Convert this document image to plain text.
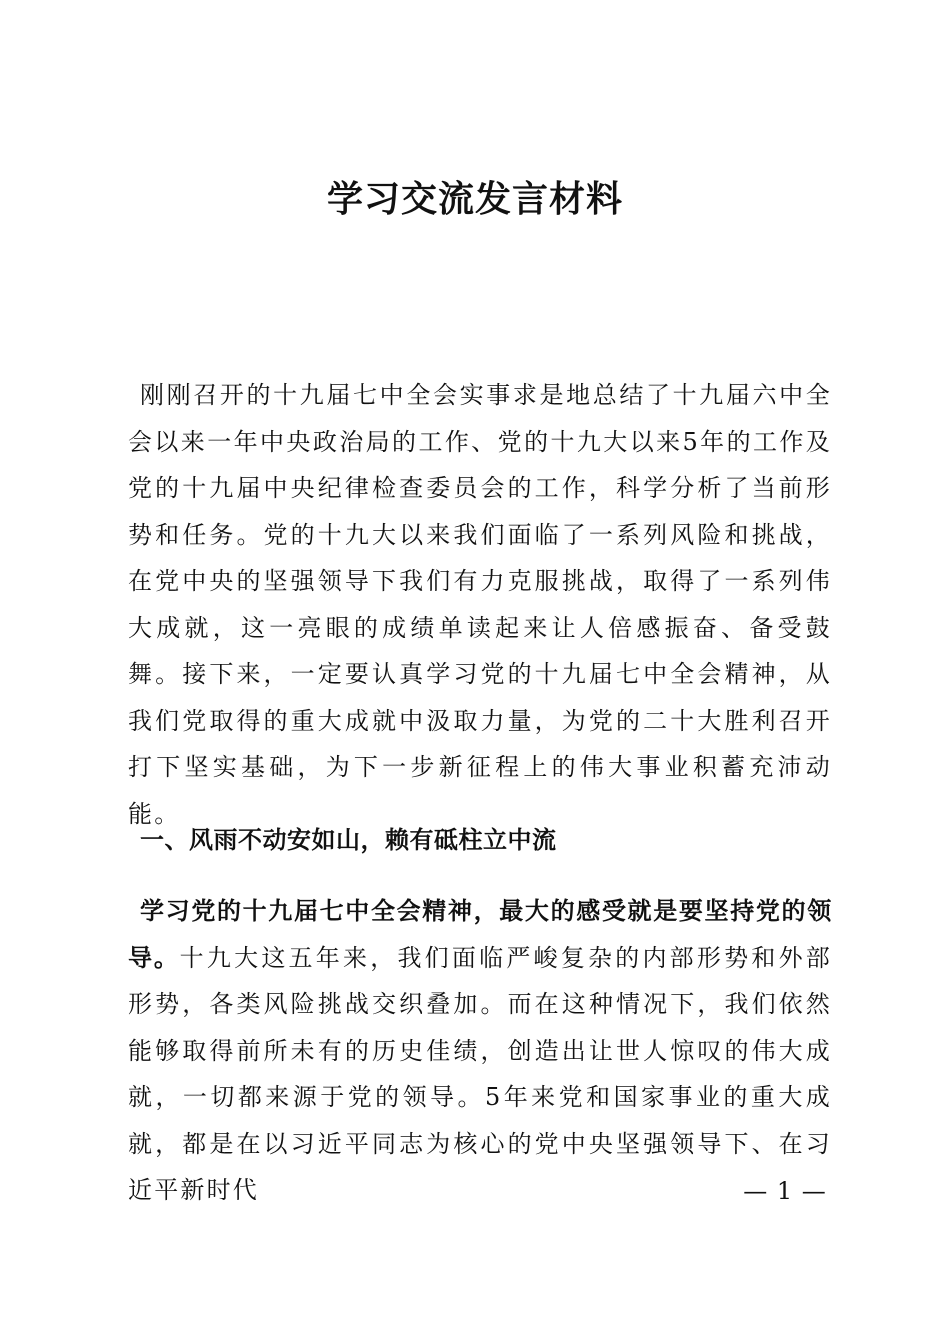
学习交流发言材料

刚刚召开的十九届七中全会实事求是地总结了十九届六中全会以来一年中央政治局的工作、党的十九大以来5年的工作及党的十九届中央纪律检查委员会的工作，科学分析了当前形势和任务。党的十九大以来我们面临了一系列风险和挑战，在党中央的坚强领导下我们有力克服挑战，取得了一系列伟大成就，这一亮眼的成绩单读起来让人倍感振奋、备受鼓舞。接下来，一定要认真学习党的十九届七中全会精神，从我们党取得的重大成就中汲取力量，为党的二十大胜利召开打下坚实基础，为下一步新征程上的伟大事业积蓄充沛动能。

一、风雨不动安如山，赖有砥柱立中流

学习党的十九届七中全会精神，最大的感受就是要坚持党的领导。十九大这五年来，我们面临严峻复杂的内部形势和外部形势，各类风险挑战交织叠加。而在这种情况下，我们依然能够取得前所未有的历史佳绩，创造出让世人惊叹的伟大成就，一切都来源于党的领导。5年来党和国家事业的重大成就，都是在以习近平同志为核心的党中央坚强领导下、在习近平新时代	— 1 —
